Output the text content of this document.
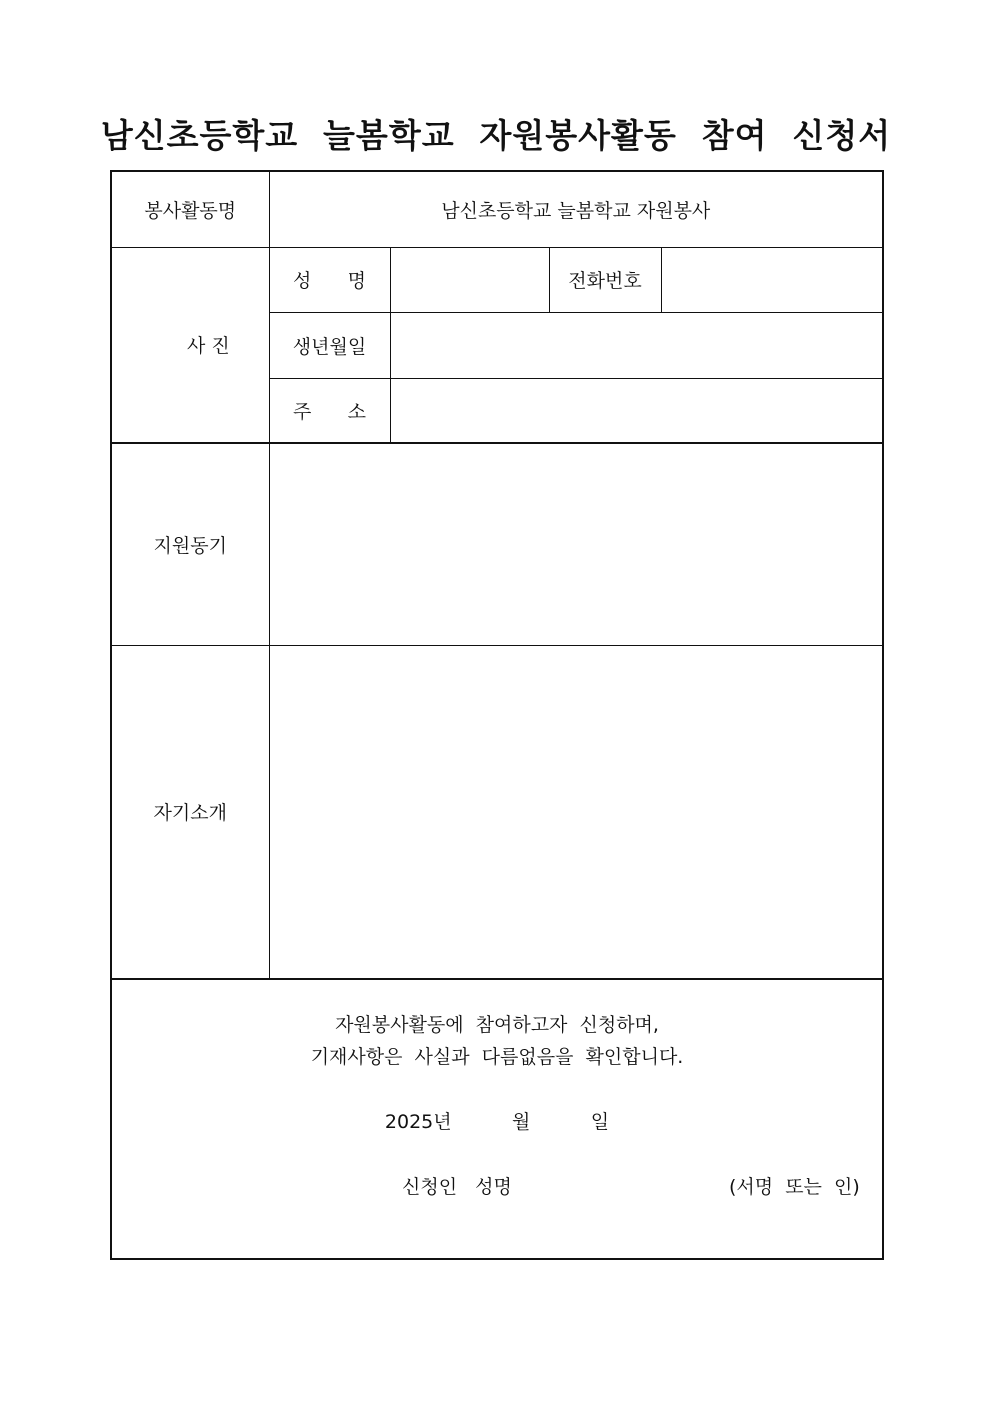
남신초등학교  늘봄학교  자원봉사활동  참여  신청서
봉사활동명	남신초등학교 늘봄학교 자원봉사			

사 진	성      명		전화번호	
	생년월일			
	주      소			
지원동기				
자기소개				

자원봉사활동에  참여하고자  신청하며,
기재사항은  사실과  다름없음을  확인합니다.
2025년          월          일
신청인   성명 (서명  또는  인)				
